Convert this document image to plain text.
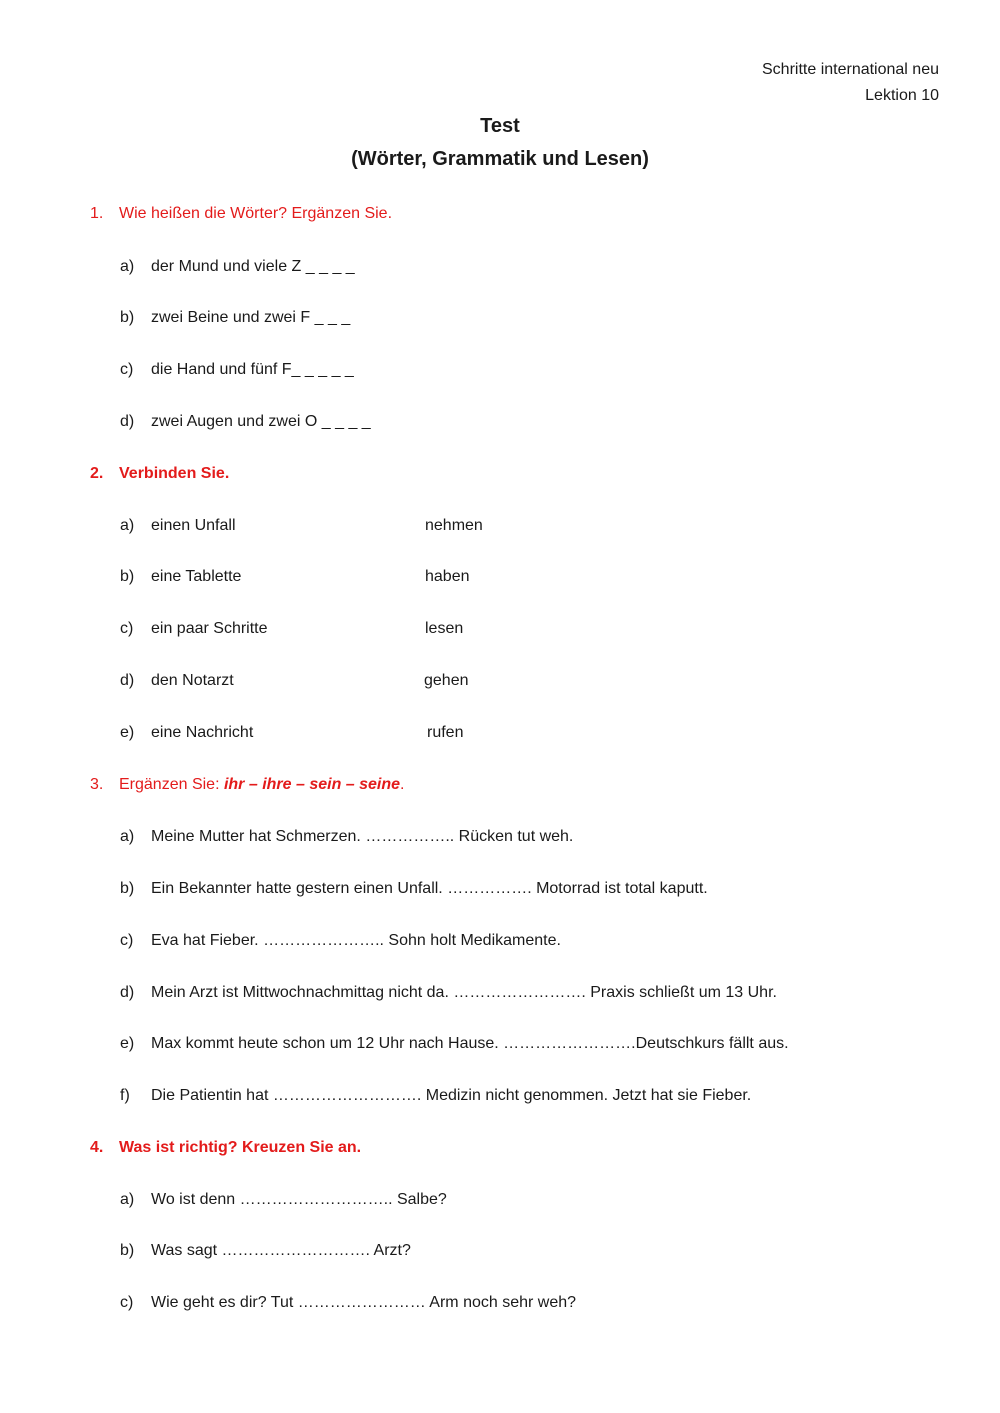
Schritte international neu
Lektion 10
Test
(Wörter, Grammatik und Lesen)
1. Wie heißen die Wörter? Ergänzen Sie.
a) der Mund und viele Z _ _ _ _
b) zwei Beine und zwei F _ _ _
c) die Hand und fünf F_ _ _ _ _
d) zwei Augen und zwei O _ _ _ _
2. Verbinden Sie.
a) einen Unfall	nehmen
b) eine Tablette	haben
c) ein paar Schritte	lesen
d) den Notarzt	gehen
e) eine Nachricht	rufen
3. Ergänzen Sie: ihr – ihre – sein – seine.
a) Meine Mutter hat Schmerzen. …………….. Rücken tut weh.
b) Ein Bekannter hatte gestern einen Unfall. ……………. Motorrad ist total kaputt.
c) Eva hat Fieber. ………………….. Sohn holt Medikamente.
d) Mein Arzt ist Mittwochnachmittag nicht da. ……………………. Praxis schließt um 13 Uhr.
e) Max kommt heute schon um 12 Uhr nach Hause. …………………….Deutschkurs fällt aus.
f) Die Patientin hat ………………………. Medizin nicht genommen. Jetzt hat sie Fieber.
4. Was ist richtig? Kreuzen Sie an.
a) Wo ist denn ……………………….. Salbe?
b) Was sagt ………………………. Arzt?
c) Wie geht es dir? Tut …………………… Arm noch sehr weh?
